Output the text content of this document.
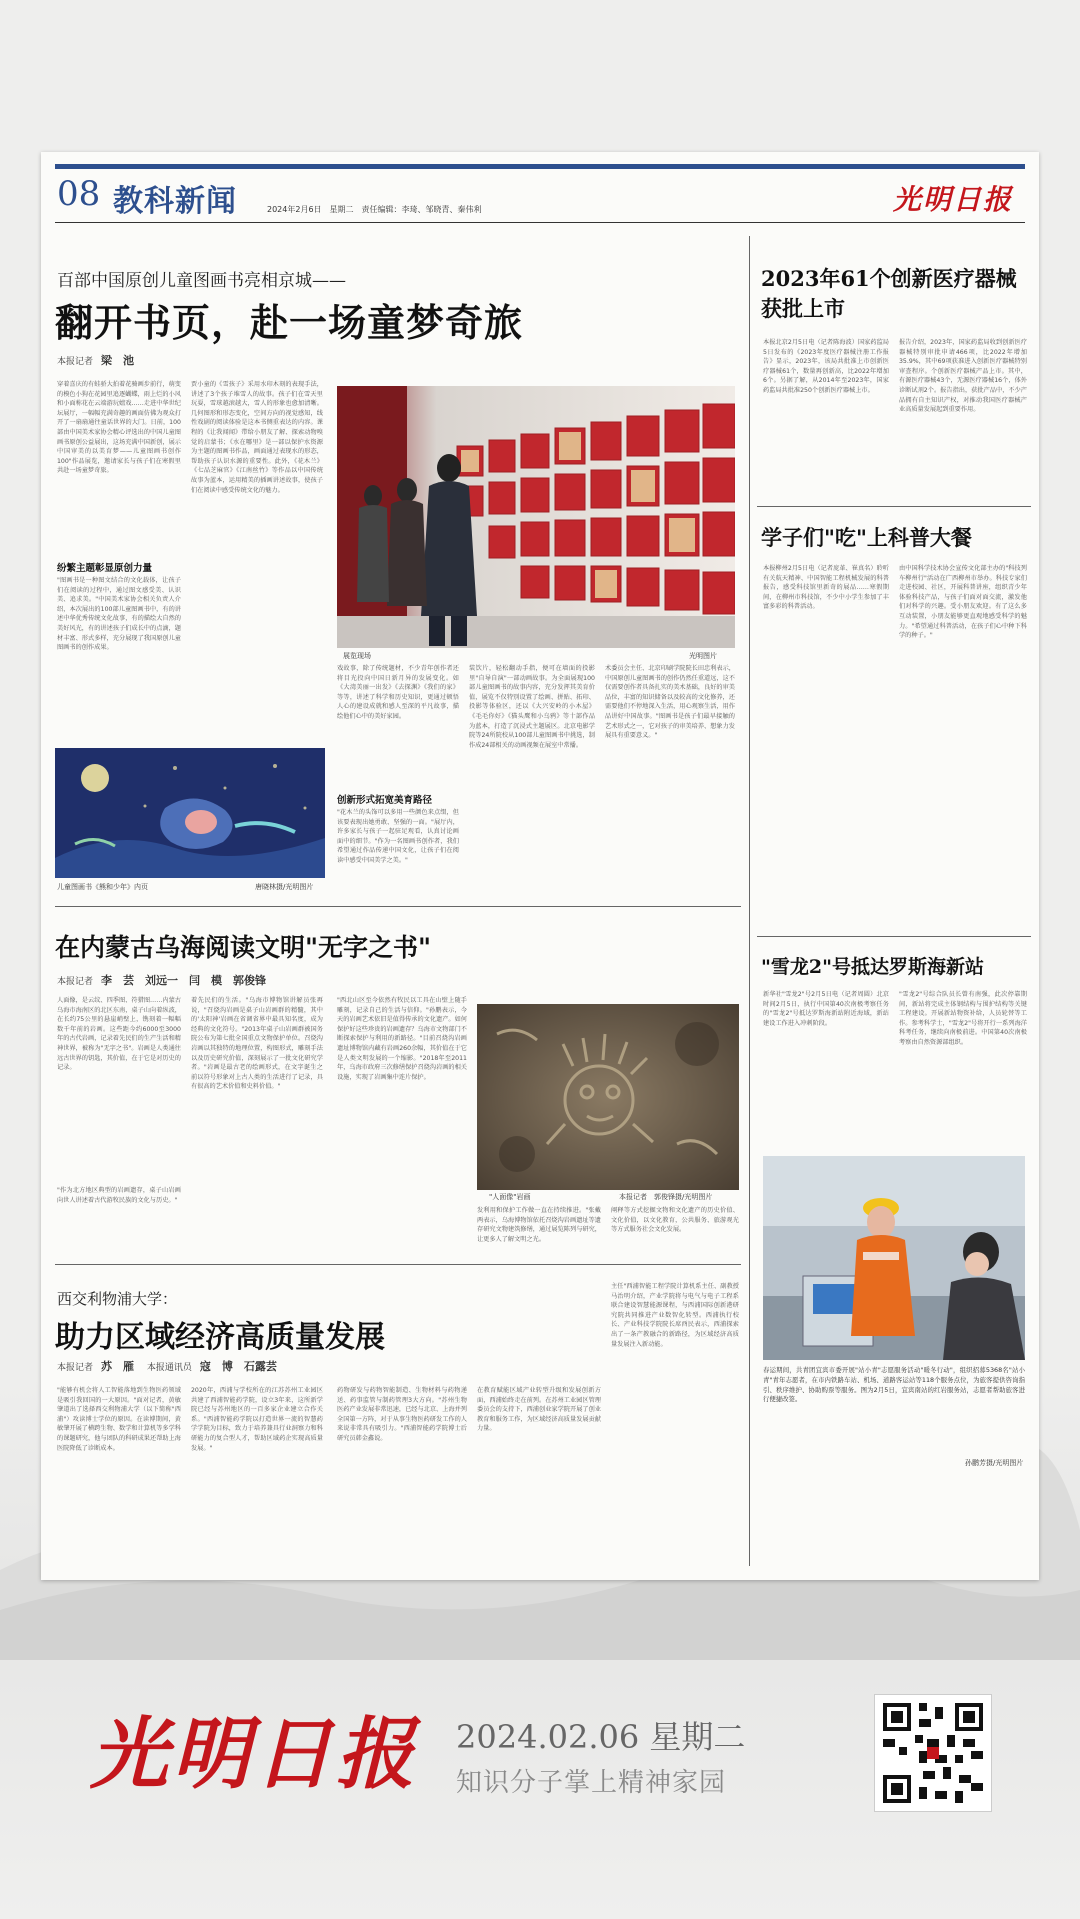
08 教科新闻	2024年2月6日　星期二　责任编辑：李琦、邹晓青、秦伟利	光明日报
百部中国原创儿童图画书亮相京城——
翻开书页，赴一场童梦奇旅
本报记者 梁　池
穿着喜庆的有蛙骄大拍着花骑画步前行，萌变的模色小狗在花园里追逐蝴蝶，雨上烂的小风和小面称花在云端游玩嬉戏……走进中华世纪坛展厅，一幅幅充满奇趣的画面仿佛为观众打开了一扇扇通往童话世界的大门。日前，100部由中国美术家协会精心评选出的中国儿童图画书原创公益展出，这场充满中国新创，展示中国审美的以美育梦——儿童图画书创作100"作品展览，邀请家长与孩子们在寒假里共赴一场童梦奇旅。
纷繁主题彰显原创力量
"图画书是一种图文结合的文化载体，让孩子们在阅读的过程中，通过图文感受美、认识美、追求美。"中国美术家协会相关负责人介绍，本次展出的100部儿童图画书中，有的讲述中华优秀传统文化故事，有的描绘大自然的美好风光，有的讲述孩子们成长中的点滴，题材丰富、形式多样，充分展现了我国原创儿童图画书的创作成果。
贾小童的《雪孩子》采用水印木刻的表现手法，讲述了3个孩子堆雪人的故事。孩子们在雪天里玩耍，雪球越滚越大，雪人的形象也愈加清晰。几何图形和形态变化，空间方向的视觉感知，线性戏剧的阅读体验是这本书侧重表达的内容。课程的《让我闻闻》带给小朋友了解、探索动物嗅觉的启蒙书；《水在哪里》是一部以保护水资源为主题的图画书作品，画面通过表现水的形态，帮助孩子认识水源的重要性。此外，《花木兰》《七品芝麻官》《江南丝竹》等作品以中国传统故事为蓝本，运用精美的插画讲述故事，使孩子们在阅读中感受传统文化的魅力。
展览现场	光明图片
戏故事，除了传统题材，不少青年创作者还将目光投向中国日新月异的发展变化。如《大湾美丽一出发》《去探渊》《我们的家》等等，讲述了科学和历史知识，更通过顿悟人心的建设成就和感人至深的平凡故事，描绘他们心中的美好家园。
装饮片，轻松翻动手指，便可在墙面的投影里"自导自演"一部动画故事。为全面展现100部儿童图画书的故事内容，充分发挥其美育价值，展览不仅特别设置了绘画、拼贴、拓印、投影等体验区，还以《大兴安岭的小木屋》《毛毛你好》《猫头鹰和小乌鸦》等十部作品为蓝本，打造了沉浸式主题展区。北京电影学院等24所院校从100部儿童图画书中挑选，制作成24部相关的动画视频在展室中常播。
术委员会主任、北京印刷学院院长田忠利表示，中国原创儿童图画书的创作仍然任重道远，这不仅需要创作者具备扎实的美术基础，良好的审美品位，丰富的知识储备以及较高的文化修养，还需要他们不停地深入生活，用心观察生活，用作品讲好中国故事。"图画书是孩子们最早接触的艺术形式之一，它对孩子的审美培养、想象力发展具有重要意义。"
创新形式拓宽美育路径
"花木兰的头饰可以多用一些颜色来点缀，但该要表现出她勇敢、坚强的一面。"展厅内，许多家长与孩子一起驻足观看，认真讨论画面中的细节。"作为一名图画书创作者，我们希望通过作品传递中国文化，让孩子们在阅读中感受中国美学之美。"
儿童图画书《熊和少年》内页	唐晓林摄/光明图片
在内蒙古乌海阅读文明"无字之书"
本报记者 李　芸　刘远一　闫　模　郭俊锋
人面像，是云纹、四季图、符猎图……内蒙古乌海市海南区的北区东南，桌子山向着纵波，在长约75公里的悬崖峭壁上，镌刻着一幅幅数千年前的岩画。这些距今约6000至3000年的古代岩画，记录着先民们的生产生活和精神世界，被称为"无字之书"。岩画是人类通往远古世界的钥匙，其价值，在于它是对历史的记录。
"作为北方地区典型的岩画遗存，桌子山岩画向世人讲述着古代游牧民族的文化与历史。"
着先民们的生活。"乌海市博物馆讲解员张再说，"召烧沟岩画是桌子山岩画群的精髓，其中的'太阳神'岩画在省调省界中最具知名度，成为经典的文化符号。"2013年桌子山岩画群被国务院公布为第七批全国重点文物保护单位。召烧沟岩画以其独特的地理位置，构图形式，雕刻手法以及历史研究价值，深刻展示了一批文化研究学者。"岩画是最古老的绘画形式，在文字诞生之前以符号形象对上古人类的生活进行了记录，具有很高的艺术价值和史料价值。"
"西北山区至今依然有牧民以工具在山壁上随手雕刻，记录自己的生活与信仰。"孙鹏表示，今天的岩画艺术依旧是值得传承的文化遗产。如何保护好这些珍贵的岩画遗存？乌海市文物部门不断探索保护与利用的新路径。"目前召烧沟岩画遗址博物馆内藏有岩画260余幅，其价值在于它是人类文明发展的一个缩影。"2018年至2011年，乌海市政府三次修缮保护召烧沟岩画的相关设施，实现了岩画集中连片保护。
"人面像"岩画	本报记者　郭俊锋摄/光明图片
发利用和保护工作做一直在持续推进。"张戴两表示，乌海博物馆依托召烧沟岩画遗址等遗存研究文物建筑修缮，通过展览陈列与研究，让更多人了解文明之光。
阐释等方式挖掘文物和文化遗产的历史价值、文化价值，以文化教育，公共服务、旅游观光等方式服务社会文化发展。
西交利物浦大学：
助力区域经济高质量发展
本报记者 苏　雁 本报通讯员 寇　博　石露芸
"能够有机会将人工智能落地到生物医药领域是吸引我回国的一大原因。"面对记者，黄敏肇道出了选择西交利物浦大学（以下简称"西浦"）攻读博士学位的原因。在读博期间，黄敏肇开展了横跨生物、数学和计算机等多学科的课题研究，他与团队的科研成果还帮助上海医院降低了诊断成本。
2020年，西浦与学校所在的江苏苏州工业园区共建了西浦智能药学院，设立3年来，这所新学院已经与苏州地区的一百多家企业建立合作关系。"西浦智能药学院以打造世界一流的智慧药学学院为目标，致力于培养兼具行业洞察力和科研能力的复合型人才，帮助区域药企实现高质量发展。"
药物研发与药物智能制造、生物材料与药物递送、药事监管与制药管理3大方向。"苏州生物医药产业发展非常迅速，已经与北京、上海并列全国第一方阵，对于从事生物医药研发工作的人来说非常具有吸引力。"西浦智能药学院博士后研究员韩金鑫说。
在教育赋能区域产业转型升级和发展创新方面，西浦始终走在前列。在苏州工业园区管理委员会的支持下，西浦创业家学院开展了创业教育和服务工作，为区域经济高质量发展贡献力量。
主任"西浦智能工程学院计算机系主任、副教授马治明介绍，产业学院将与电气与电子工程系联合建设智慧能源课程，与西浦国际创新港研究院共同推进产业数智化转型。西浦执行校长、产业科技学院院长席酉民表示，西浦探索出了一条产教融合的新路径，为区域经济高质量发展注入新动能。
2023年61个创新医疗器械获批上市
本报北京2月5日电（记者陈海波）国家药监局5日发布的《2023年度医疗器械注册工作报告》显示，2023年，该局共批准上市创新医疗器械61个，数量再创新高，比2022年增加6个。另据了解，从2014年至2023年，国家药监局共批准250个创新医疗器械上市。
报告介绍，2023年，国家药监局收到创新医疗器械特别审批申请466项，比2022年增加35.9%，其中69项获准进入创新医疗器械特别审查程序。个创新医疗器械产品上市。其中，有源医疗器械43个，无源医疗器械16个，体外诊断试剂2个。报告指出，获批产品中，不少产品拥有自主知识产权，对推动我国医疗器械产业高质量发展起到重要作用。
学子们"吃"上科普大餐
本报柳州2月5日电（记者庞革、崔真名）聆听有关航天精神、中国智能工程机械发展的科普报告，感受科技馆里新奇的展品……寒假期间，在柳州市科技馆，不少中小学生参加了丰富多彩的科普活动。
由中国科学技术协会宣传文化部主办的"科技列车柳州行"活动在广西柳州市举办。科技专家们走进校园、社区，开展科普讲座，组织青少年体验科技产品，与孩子们面对面交流，激发他们对科学的兴趣。受小朋友欢迎。有了这么多互动装置，小朋友能够更直观地感受科学的魅力。"希望通过科普活动，在孩子们心中种下科学的种子。"
"雪龙2"号抵达罗斯海新站
新华社"雪龙2"号2月5日电（记者周圆）北京时间2月5日，执行中国第40次南极考察任务的"雪龙2"号抵达罗斯海新站附近海域，新站建设工作进入冲刺阶段。
"雪龙2"号综合队员长曾有南强，此次停靠期间，新站将完成主体钢结构与围护结构等关键工程建设。开展新站物资补给，人员轮替等工作。参考科学士，"雪龙2"号将开行一系列海洋科考任务，继续向南极前进。中国第40次南极考察由自然资源部组织。
春运期间，共青团宜宾市委开展"站小青"志愿服务活动"暖冬行动"，组织招募5368名"站小青"青年志愿者，在市内铁路车站、机场、道路客运站等118个服务点位，为旅客提供咨询指引、秩序维护、协助购票等服务。图为2月5日，宜宾南站的红岩服务站，志愿者帮助旅客进行便捷改签。
孙鹏芳摄/光明图片
光明日报 2024.02.06 星期二
知识分子掌上精神家园
